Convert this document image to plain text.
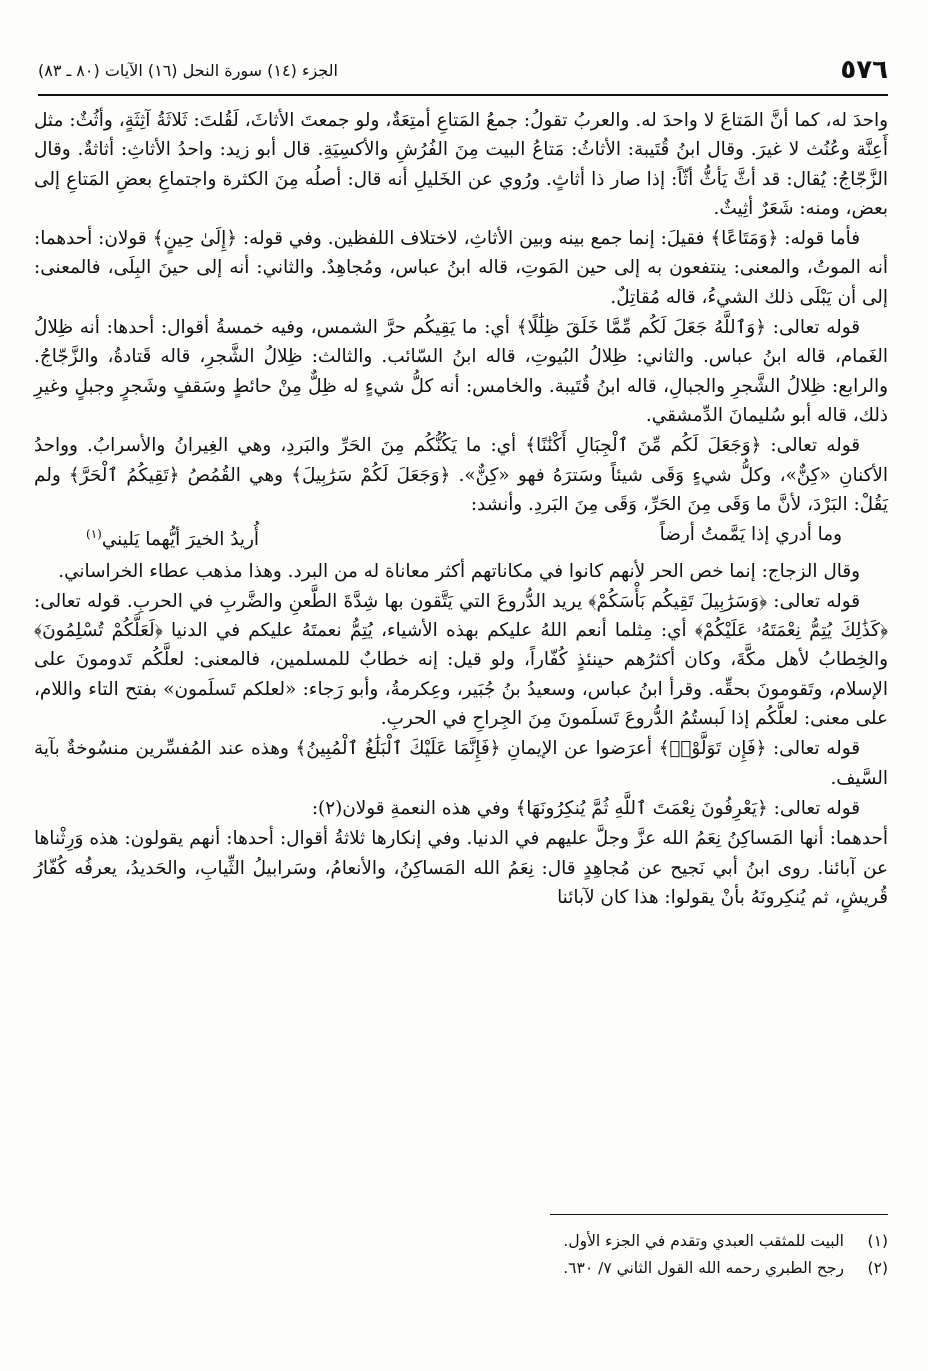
٥٧٦
الجزء (١٤) سورة النحل (١٦) الآيات (٨٠ ـ ٨٣)

واحدَ له، كما أنَّ المَتاعَ لا واحدَ له. والعربُ تقولُ: جمعُ المَتاعِ أمتِعَةٌ، ولو جمعتَ الأثاثَ، لَقُلتَ: ثَلاثَةُ آثِثَةٍ، وأثُثٌ: مثل أَعِنَّة وعُنُث لا غيرَ. وقال ابنُ قُتَيبة: الأثاثُ: مَتاعُ البيت مِنَ الفُرُشِ والأكسِيَةِ. قال أبو زيد: واحدُ الأثاثِ: أثاثةٌ. وقال الزَّجّاجُ: يُقال: قد أثَّ يَأثُّ أثّاً: إذا صار ذا أثاثٍ. ورُوي عن الخَليلِ أنه قال: أصلُه مِنَ الكثرة واجتماعِ بعضِ المَتاعِ إلى بعض، ومنه: شَعَرٌ أثِيثٌ.

فأما قوله: ﴿وَمَتَاعًا﴾ فقيلَ: إنما جمع بينه وبين الأثاثِ، لاختلاف اللفظين. وفي قوله: ﴿إِلَىٰ حِينٍ﴾ قولان: أحدهما: أنه الموتُ، والمعنى: ينتفعون به إلى حين المَوتِ، قاله ابنُ عباس، ومُجاهِدٌ. والثاني: أنه إلى حينَ البِلَى، فالمعنى: إلى أن يَبْلَى ذلك الشيءُ، قاله مُقاتِلٌ.

قوله تعالى: ﴿وَٱللَّهُ جَعَلَ لَكُم مِّمَّا خَلَقَ ظِلَٰلًا﴾ أي: ما يَقِيكُم حرَّ الشمس، وفيه خمسةُ أقوال: أحدها: أنه ظِلالُ الغَمام، قاله ابنُ عباس. والثاني: ظِلالُ البُيوتِ، قاله ابنُ السّائب. والثالث: ظِلالُ الشَّجرِ، قاله قَتادةُ، والزَّجّاجُ. والرابع: ظِلالُ الشَّجرِ والجبالِ، قاله ابنُ قُتَيبة. والخامس: أنه كلُّ شيءٍ له ظِلٌّ مِنْ حائطٍ وسَقفٍ وشَجرٍ وجبلٍ وغيرِ ذلك، قاله أبو سُليمانَ الدِّمشقي.

قوله تعالى: ﴿وَجَعَلَ لَكُم مِّنَ ٱلْجِبَالِ أَكْنَٰنًا﴾ أي: ما يَكُنُّكُم مِنَ الحَرِّ والبَردِ، وهي الغِيرانُ والأسرابُ. وواحدُ الأكنانِ «كِنٌّ»، وكلُّ شيءٍ وَقَى شيئاً وسَترَهُ فهو «كِنٌّ». ﴿وَجَعَلَ لَكُمْ سَرَٰبِيلَ﴾ وهي القُمُصُ ﴿تَقِيكُمُ ٱلْحَرَّ﴾ ولم يَقُلْ: البَرْدَ، لأنَّ ما وَقَى مِنَ الحَرِّ، وَقَى مِنَ البَردِ. وأنشد:

وما أدري إذا يَمَّمتُ أرضاً
أُريدُ الخيرَ أيُّهما يَليني$^{(١)}$

وقال الزجاج: إنما خص الحر لأنهم كانوا في مكاناتهم أكثر معاناة له من البرد. وهذا مذهب عطاء الخراساني.

قوله تعالى: ﴿وَسَرَٰبِيلَ تَقِيكُم بَأْسَكُمْ﴾ يريد الدُّروعَ التي يَتَّقون بها شِدَّةَ الطَّعنِ والضَّربِ في الحربِ. قوله تعالى: ﴿كَذَٰلِكَ يُتِمُّ نِعْمَتَهُۥ عَلَيْكُمْ﴾ أي: مِثلما أنعم اللهُ عليكم بهذه الأشياء، يُتِمُّ نعمتَهُ عليكم في الدنيا ﴿لَعَلَّكُمْ تُسْلِمُونَ﴾ والخِطابُ لأهل مكَّةَ، وكان أكثرُهم حينئذٍ كُفّاراً، ولو قيل: إنه خطابٌ للمسلمين، فالمعنى: لعلَّكُم تَدومونَ على الإسلام، وتَقومونَ بحقِّه. وقرأ ابنُ عباس، وسعيدُ بنُ جُبَير، وعِكرمةُ، وأبو رَجاء: «لعلكم تَسلَمون» بفتح التاء واللام، على معنى: لعلَّكُم إذا لَبستُمُ الدُّروعَ تَسلَمونَ مِنَ الجِراحِ في الحربِ.

قوله تعالى: ﴿فَإِن تَوَلَّوْا۟﴾ أعرَضوا عن الإيمانِ ﴿فَإِنَّمَا عَلَيْكَ ٱلْبَلَٰغُ ٱلْمُبِينُ﴾ وهذه عند المُفسِّرين منسُوخةٌ بآية السَّيف.

قوله تعالى: ﴿يَعْرِفُونَ نِعْمَتَ ٱللَّهِ ثُمَّ يُنكِرُونَهَا﴾ وفي هذه النعمةِ قولان(٢):

أحدهما: أنها المَساكِنُ نِعَمُ الله عزَّ وجلَّ عليهم في الدنيا. وفي إنكارها ثلاثةُ أقوال: أحدها: أنهم يقولون: هذه وَرِثْناها عن آبائنا. روى ابنُ أبي نَجيح عن مُجاهِدٍ قال: نِعَمُ الله المَساكِنُ، والأنعامُ، وسَرابيلُ الثِّيابِ، والحَديدُ، يعرفُه كُفّارُ قُريشٍ، ثم يُنكِرونَهُ بأنْ يقولوا: هذا كان لآبائنا

(١)
البيت للمثقب العبدي وتقدم في الجزء الأول.
(٢)
رجح الطبري رحمه الله القول الثاني ٧/ ٦٣٠.
